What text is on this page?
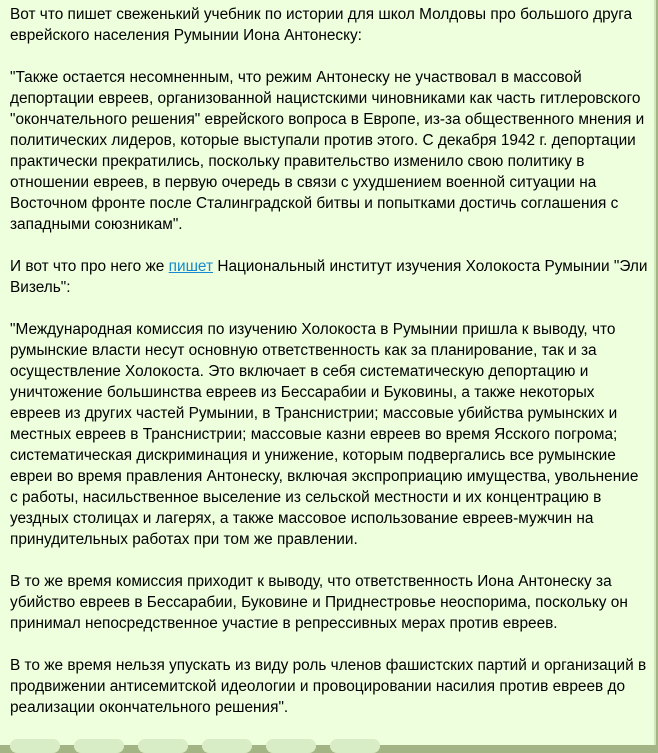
Вот что пишет свеженький учебник по истории для школ Молдовы про большого друга еврейского населения Румынии Иона Антонеску:

"Также остается несомненным, что режим Антонеску не участвовал в массовой депортации евреев, организованной нацистскими чиновниками как часть гитлеровского "окончательного решения" еврейского вопроса в Европе, из-за общественного мнения и политических лидеров, которые выступали против этого. С декабря 1942 г. депортации практически прекратились, поскольку правительство изменило свою политику в отношении евреев, в первую очередь в связи с ухудшением военной ситуации на Восточном фронте после Сталинградской битвы и попытками достичь соглашения с западными союзникам".

И вот что про него же пишет Национальный институт изучения Холокоста Румынии "Эли Визель":

"Международная комиссия по изучению Холокоста в Румынии пришла к выводу, что румынские власти несут основную ответственность как за планирование, так и за осуществление Холокоста. Это включает в себя систематическую депортацию и уничтожение большинства евреев из Бессарабии и Буковины, а также некоторых евреев из других частей Румынии, в Транснистрии; массовые убийства румынских и местных евреев в Транснистрии; массовые казни евреев во время Ясского погрома; систематическая дискриминация и унижение, которым подвергались все румынские евреи во время правления Антонеску, включая экспроприацию имущества, увольнение с работы, насильственное выселение из сельской местности и их концентрацию в уездных столицах и лагерях, а также массовое использование евреев-мужчин на принудительных работах при том же правлении.

В то же время комиссия приходит к выводу, что ответственность Иона Антонеску за убийство евреев в Бессарабии, Буковине и Приднестровье неоспорима, поскольку он принимал непосредственное участие в репрессивных мерах против евреев.

В то же время нельзя упускать из виду роль членов фашистских партий и организаций в продвижении антисемитской идеологии и провоцировании насилия против евреев до реализации окончательного решения".
